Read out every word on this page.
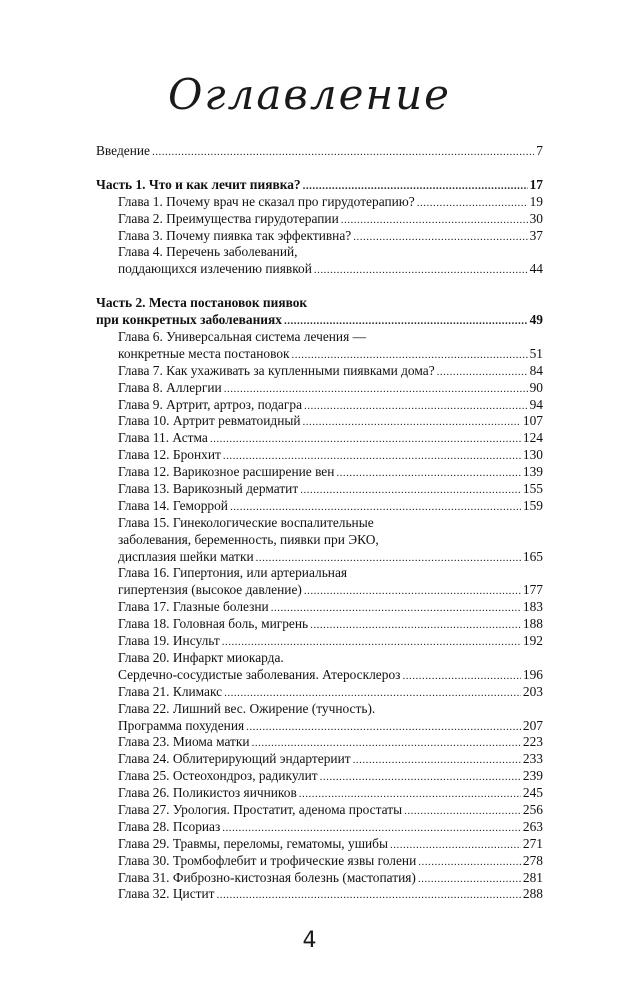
Оглавление
Введение .....	7
Часть 1. Что и как лечит пиявка? .....	17
Глава 1. Почему врач не сказал про гирудотерапию? .....	19
Глава 2. Преимущества гирудотерапии .....	30
Глава 3. Почему пиявка так эффективна? .....	37
Глава 4. Перечень заболеваний,
поддающихся излечению пиявкой .....	44
Часть 2. Места постановок пиявок
при конкретных заболеваниях .....	49
Глава 6. Универсальная система лечения —
конкретные места постановок .....	51
Глава 7. Как ухаживать за купленными пиявками дома? .....	84
Глава 8. Аллергии .....	90
Глава 9. Артрит, артроз, подагра .....	94
Глава 10. Артрит ревматоидный .....	107
Глава 11. Астма .....	124
Глава 12. Бронхит .....	130
Глава 12. Варикозное расширение вен .....	139
Глава 13. Варикозный дерматит .....	155
Глава 14. Геморрой .....	159
Глава 15. Гинекологические воспалительные
заболевания, беременность, пиявки при ЭКО,
дисплазия шейки матки .....	165
Глава 16. Гипертония, или артериальная
гипертензия (высокое давление) .....	177
Глава 17. Глазные болезни .....	183
Глава 18. Головная боль, мигрень .....	188
Глава 19. Инсульт .....	192
Глава 20. Инфаркт миокарда.
Сердечно-сосудистые заболевания. Атеросклероз .....	196
Глава 21. Климакс .....	203
Глава 22. Лишний вес. Ожирение (тучность).
Программа похудения .....	207
Глава 23. Миома матки .....	223
Глава 24. Облитерирующий эндартериит .....	233
Глава 25. Остеохондроз, радикулит .....	239
Глава 26. Поликистоз яичников .....	245
Глава 27. Урология. Простатит, аденома простаты .....	256
Глава 28. Псориаз .....	263
Глава 29. Травмы, переломы, гематомы, ушибы .....	271
Глава 30. Тромбофлебит и трофические язвы голени .....	278
Глава 31. Фиброзно-кистозная болезнь (мастопатия) .....	281
Глава 32. Цистит .....	288
4
